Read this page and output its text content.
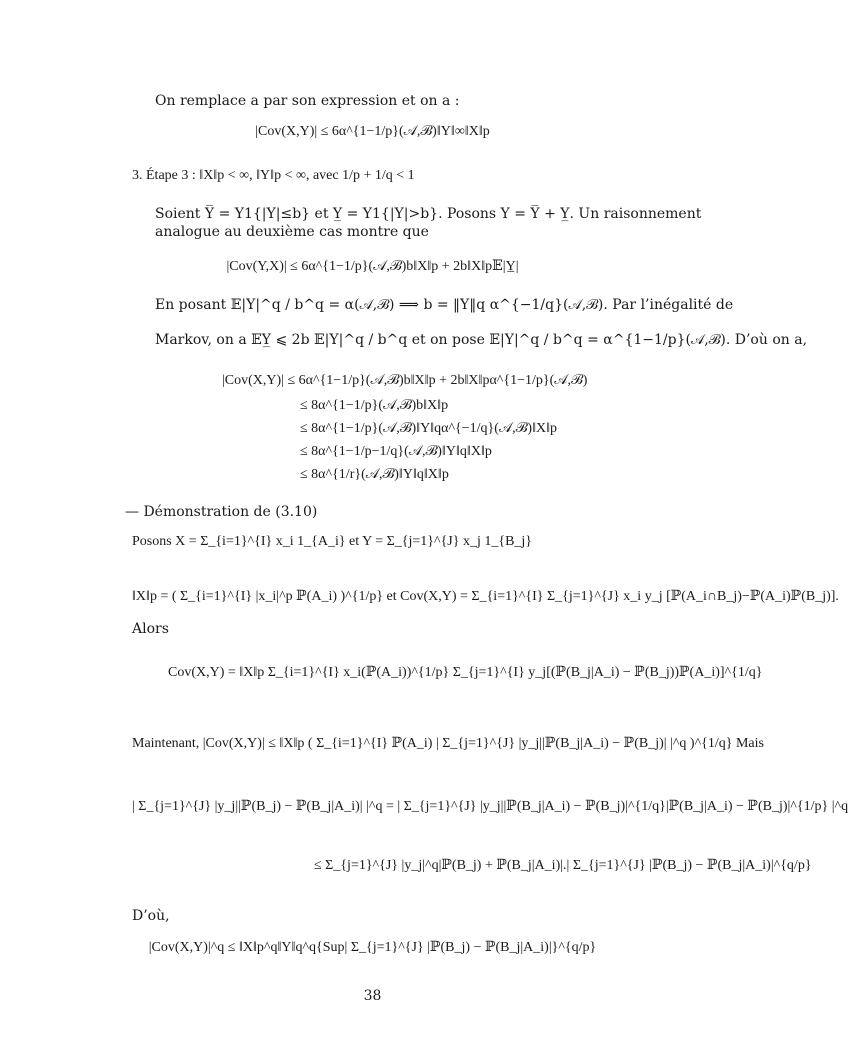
On remplace a par son expression et on a :
|Cov(X,Y)| ≤ 6α^{1−1/p}(𝒜,ℬ)‖Y‖∞‖X‖p
3. Étape 3 : ‖X‖p < ∞, ‖Y‖p < ∞, avec 1/p + 1/q < 1
Soient Y̅ = Y1{|Y|≤b} et Y̲ = Y1{|Y|>b}. Posons Y = Y̅ + Y̲. Un raisonnement
analogue au deuxième cas montre que
|Cov(Y,X)| ≤ 6α^{1−1/p}(𝒜,ℬ)b‖X‖p + 2b‖X‖p𝔼|Y̲|
En posant 𝔼|Y|^q / b^q = α(𝒜,ℬ) ⟹ b = ‖Y‖q α^{−1/q}(𝒜,ℬ). Par l’inégalité de
Markov, on a 𝔼Y̲ ⩽ 2b 𝔼|Y|^q / b^q et on pose 𝔼|Y|^q / b^q = α^{1−1/p}(𝒜,ℬ). D’où on a,
|Cov(X,Y)| ≤ 6α^{1−1/p}(𝒜,ℬ)b‖X‖p + 2b‖X‖pα^{1−1/p}(𝒜,ℬ)
≤ 8α^{1−1/p}(𝒜,ℬ)b‖X‖p
≤ 8α^{1−1/p}(𝒜,ℬ)‖Y‖qα^{−1/q}(𝒜,ℬ)‖X‖p
≤ 8α^{1−1/p−1/q}(𝒜,ℬ)‖Y‖q‖X‖p
≤ 8α^{1/r}(𝒜,ℬ)‖Y‖q‖X‖p
— Démonstration de (3.10)
Posons X = Σ_{i=1}^{I} x_i 1_{A_i} et Y = Σ_{j=1}^{J} x_j 1_{B_j}
‖X‖p = ( Σ_{i=1}^{I} |x_i|^p ℙ(A_i) )^{1/p} et Cov(X,Y) = Σ_{i=1}^{I} Σ_{j=1}^{J} x_i y_j [ℙ(A_i∩B_j)−ℙ(A_i)ℙ(B_j)].
Alors
Cov(X,Y) = ‖X‖p Σ_{i=1}^{I} x_i(ℙ(A_i))^{1/p} Σ_{j=1}^{I} y_j[(ℙ(B_j|A_i) − ℙ(B_j))ℙ(A_i)]^{1/q}
Maintenant, |Cov(X,Y)| ≤ ‖X‖p ( Σ_{i=1}^{I} ℙ(A_i) | Σ_{j=1}^{J} |y_j||ℙ(B_j|A_i) − ℙ(B_j)| |^q )^{1/q} Mais
| Σ_{j=1}^{J} |y_j||ℙ(B_j) − ℙ(B_j|A_i)| |^q = | Σ_{j=1}^{J} |y_j||ℙ(B_j|A_i) − ℙ(B_j)|^{1/q}|ℙ(B_j|A_i) − ℙ(B_j)|^{1/p} |^q
≤ Σ_{j=1}^{J} |y_j|^q|ℙ(B_j) + ℙ(B_j|A_i)|.| Σ_{j=1}^{J} |ℙ(B_j) − ℙ(B_j|A_i)|^{q/p}
D’où,
|Cov(X,Y)|^q ≤ ‖X‖p^q‖Y‖q^q{Sup| Σ_{j=1}^{J} |ℙ(B_j) − ℙ(B_j|A_i)|}^{q/p}
38
